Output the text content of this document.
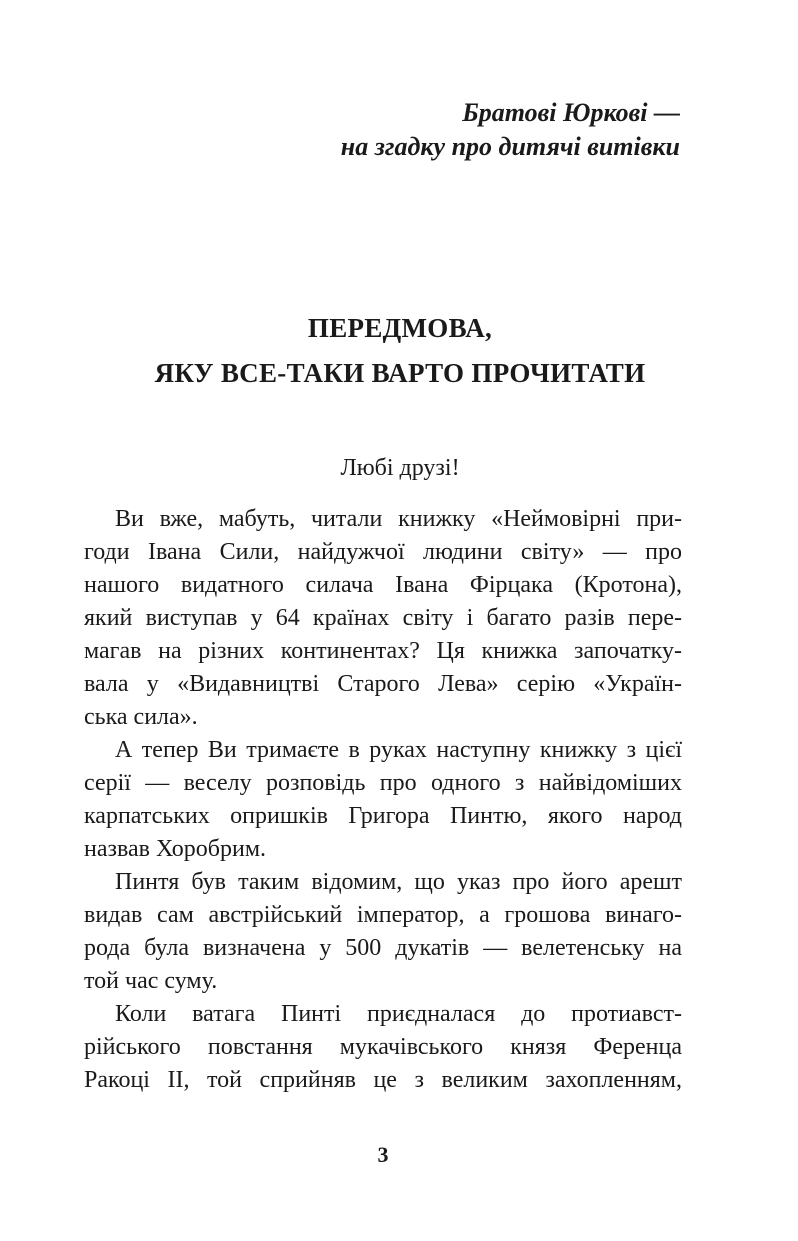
Братові Юркові —
на згадку про дитячі витівки
ПЕРЕДМОВА,
ЯКУ ВСЕ-ТАКИ ВАРТО ПРОЧИТАТИ
Любі друзі!
Ви вже, мабуть, читали книжку «Неймовірні при-
годи Івана Сили, найдужчої людини світу» — про
нашого видатного силача Івана Фірцака (Кротона),
який виступав у 64 країнах світу і багато разів пере-
магав на різних континентах? Ця книжка започатку-
вала у «Видавництві Старого Лева» серію «Україн-
ська сила».
А тепер Ви тримаєте в руках наступну книжку з цієї
серії — веселу розповідь про одного з найвідоміших
карпатських опришків Григора Пинтю, якого народ
назвав Хоробрим.
Пинтя був таким відомим, що указ про його арешт
видав сам австрійський імператор, а грошова винаго-
рода була визначена у 500 дукатів — велетенську на
той час суму.
Коли ватага Пинті приєдналася до протиавст-
рійського повстання мукачівського князя Ференца
Ракоці II, той сприйняв це з великим захопленням,
3
